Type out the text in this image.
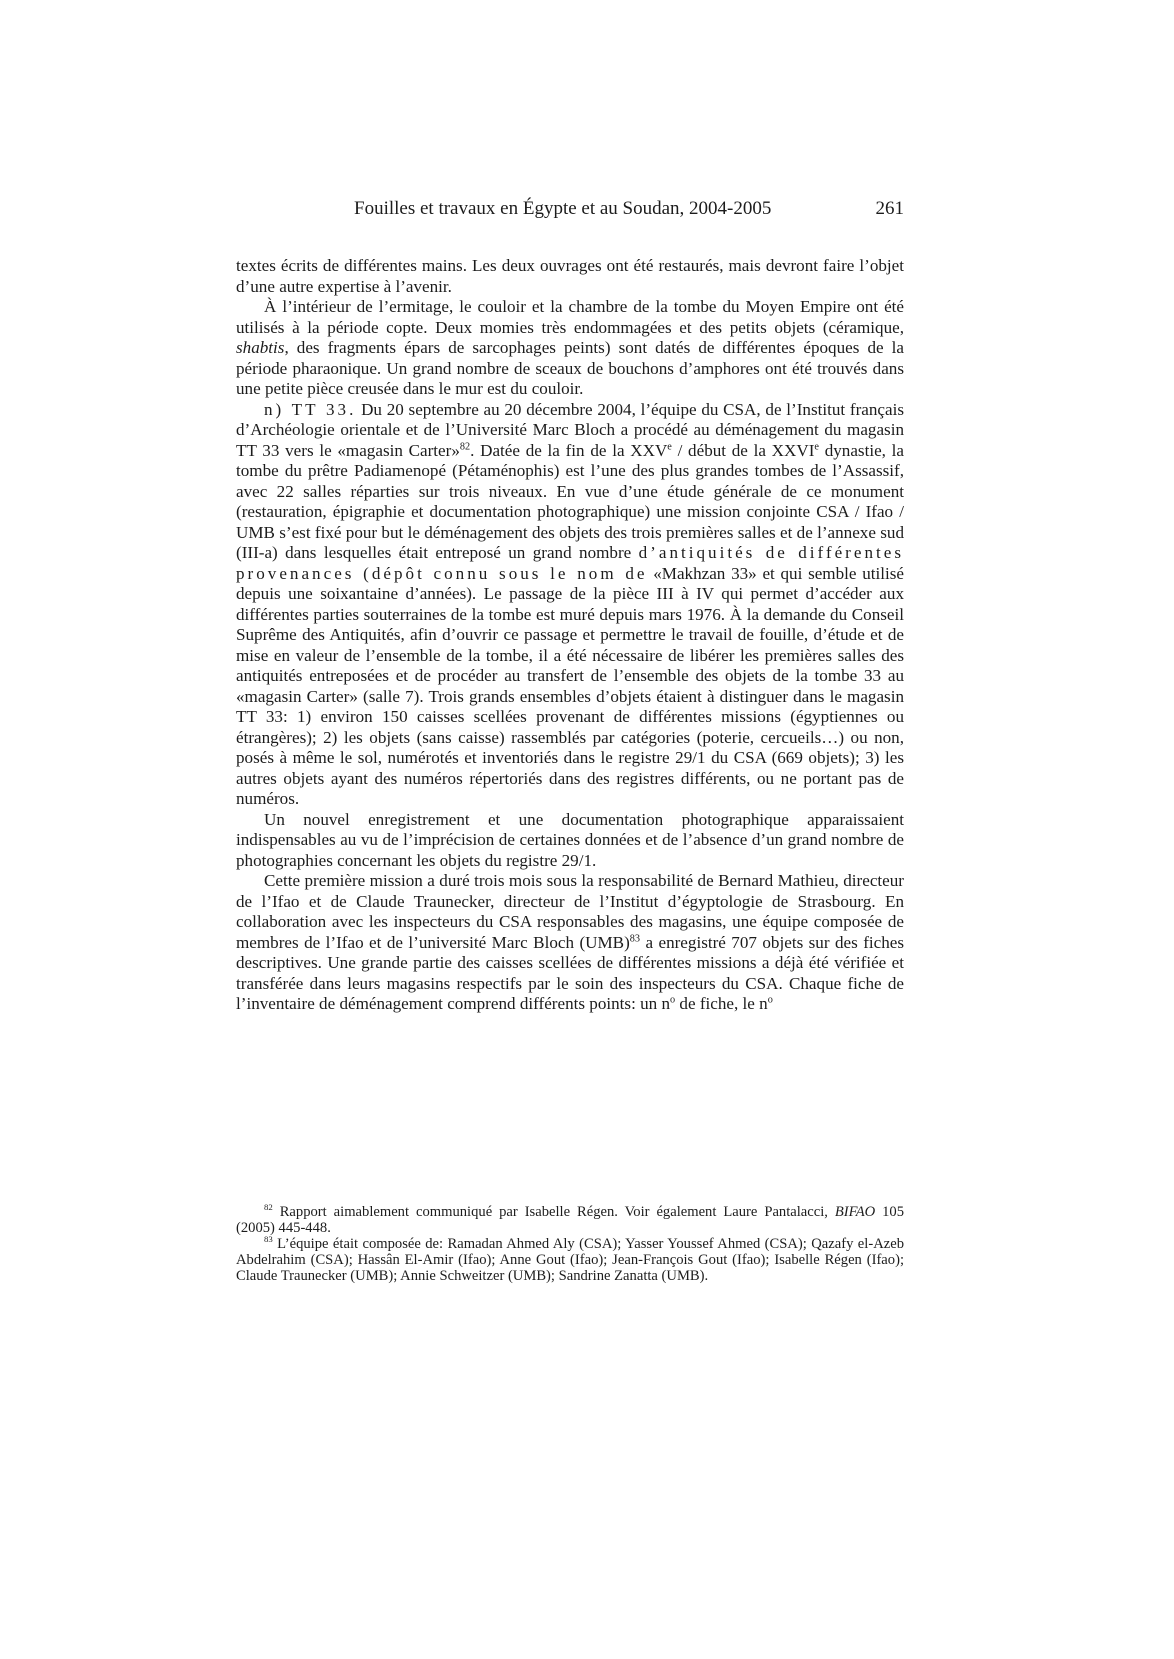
Fouilles et travaux en Égypte et au Soudan, 2004-2005	261

textes écrits de différentes mains. Les deux ouvrages ont été restaurés, mais devront faire l’objet d’une autre expertise à l’avenir.

À l’intérieur de l’ermitage, le couloir et la chambre de la tombe du Moyen Empire ont été utilisés à la période copte. Deux momies très endommagées et des petits objets (céramique, shabtis, des fragments épars de sarcophages peints) sont datés de différentes époques de la période pharaonique. Un grand nombre de sceaux de bouchons d’amphores ont été trouvés dans une petite pièce creusée dans le mur est du couloir.

n) TT 33. Du 20 septembre au 20 décembre 2004, l’équipe du CSA, de l’Institut français d’Archéologie orientale et de l’Université Marc Bloch a procédé au déménagement du magasin TT 33 vers le «magasin Carter»$^{82}$. Datée de la fin de la XXVe / début de la XXVIe dynastie, la tombe du prêtre Padiamenopé (Pétaménophis) est l’une des plus grandes tombes de l’Assassif, avec 22 salles réparties sur trois niveaux. En vue d’une étude générale de ce monument (restauration, épigraphie et documentation photographique) une mission conjointe CSA / Ifao / UMB s’est fixé pour but le déménagement des objets des trois premières salles et de l’annexe sud (III-a) dans lesquelles était entreposé un grand nombre d’antiquités de différentes provenances (dépôt connu sous le nom de «Makhzan 33» et qui semble utilisé depuis une soixantaine d’années). Le passage de la pièce III à IV qui permet d’accéder aux différentes parties souterraines de la tombe est muré depuis mars 1976. À la demande du Conseil Suprême des Antiquités, afin d’ouvrir ce passage et permettre le travail de fouille, d’étude et de mise en valeur de l’ensemble de la tombe, il a été nécessaire de libérer les premières salles des antiquités entreposées et de procéder au transfert de l’ensemble des objets de la tombe 33 au «magasin Carter» (salle 7). Trois grands ensembles d’objets étaient à distinguer dans le magasin TT 33: 1) environ 150 caisses scellées provenant de différentes missions (égyptiennes ou étrangères); 2) les objets (sans caisse) rassemblés par catégories (poterie, cercueils…) ou non, posés à même le sol, numérotés et inventoriés dans le registre 29/1 du CSA (669 objets); 3) les autres objets ayant des numéros répertoriés dans des registres différents, ou ne portant pas de numéros.

Un nouvel enregistrement et une documentation photographique apparaissaient indispensables au vu de l’imprécision de certaines données et de l’absence d’un grand nombre de photographies concernant les objets du registre 29/1.

Cette première mission a duré trois mois sous la responsabilité de Bernard Mathieu, directeur de l’Ifao et de Claude Traunecker, directeur de l’Institut d’égyptologie de Strasbourg. En collaboration avec les inspecteurs du CSA responsables des magasins, une équipe composée de membres de l’Ifao et de l’université Marc Bloch (UMB)$^{83}$ a enregistré 707 objets sur des fiches descriptives. Une grande partie des caisses scellées de différentes missions a déjà été vérifiée et transférée dans leurs magasins respectifs par le soin des inspecteurs du CSA. Chaque fiche de l’inventaire de déménagement comprend différents points: un $n^o$ de fiche, le $n^o$

$^{82}$ Rapport aimablement communiqué par Isabelle Régen. Voir également Laure Pantalacci, BIFAO 105 (2005) 445-448.

$^{83}$ L’équipe était composée de: Ramadan Ahmed Aly (CSA); Yasser Youssef Ahmed (CSA); Qazafy el-Azeb Abdelrahim (CSA); Hassân El-Amir (Ifao); Anne Gout (Ifao); Jean-François Gout (Ifao); Isabelle Régen (Ifao); Claude Traunecker (UMB); Annie Schweitzer (UMB); Sandrine Zanatta (UMB).
